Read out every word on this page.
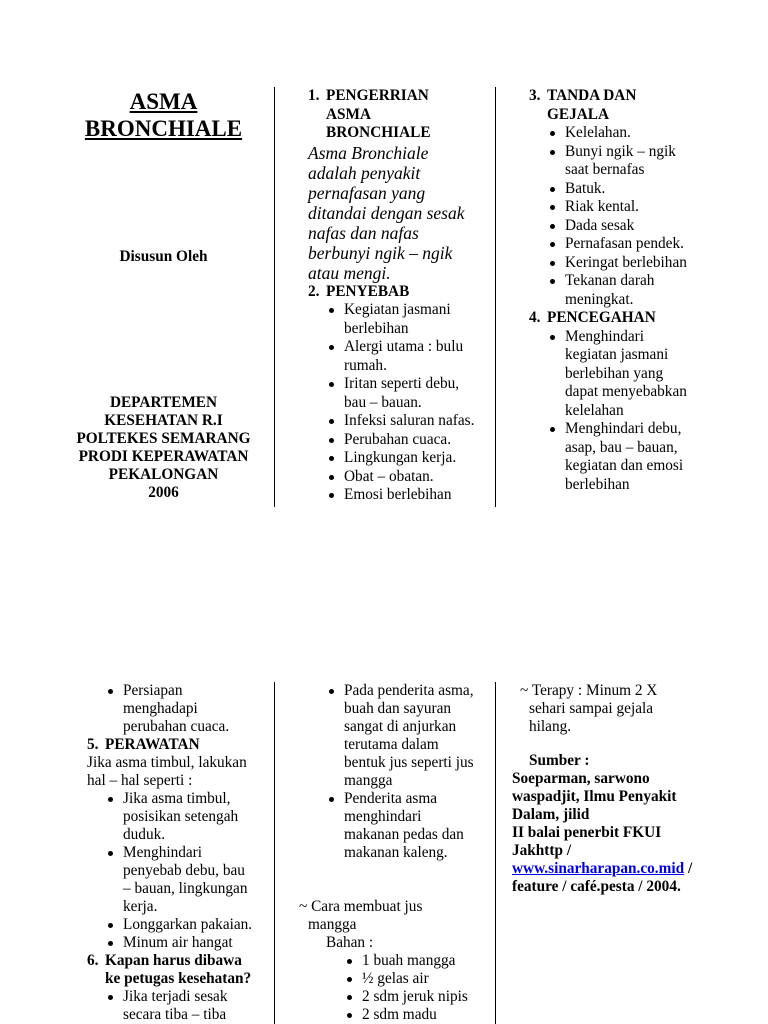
ASMA
BRONCHIALE
Disusun Oleh
DEPARTEMEN
KESEHATAN R.I
POLTEKES SEMARANG
PRODI KEPERAWATAN
PEKALONGAN
2006
1. PENGERRIAN
ASMA
BRONCHIALE
Asma Bronchiale
adalah penyakit
pernafasan yang
ditandai dengan sesak
nafas dan nafas
berbunyi ngik – ngik
atau mengi.
2. PENYEBAB
Kegiatan jasmani
berlebihan
Alergi utama : bulu
rumah.
Iritan seperti debu,
bau – bauan.
Infeksi saluran nafas.
Perubahan cuaca.
Lingkungan kerja.
Obat – obatan.
Emosi berlebihan
3. TANDA DAN
GEJALA
Kelelahan.
Bunyi ngik – ngik
saat bernafas
Batuk.
Riak kental.
Dada sesak
Pernafasan pendek.
Keringat berlebihan
Tekanan darah
meningkat.
4. PENCEGAHAN
Menghindari
kegiatan jasmani
berlebihan yang
dapat menyebabkan
kelelahan
Menghindari debu,
asap, bau – bauan,
kegiatan dan emosi
berlebihan
Persiapan
menghadapi
perubahan cuaca.
5. PERAWATAN
Jika asma timbul, lakukan
hal – hal seperti :
Jika asma timbul,
posisikan setengah
duduk.
Menghindari
penyebab debu, bau
– bauan, lingkungan
kerja.
Longgarkan pakaian.
Minum air hangat
6. Kapan harus dibawa
ke petugas kesehatan?
Jika terjadi sesak
secara tiba – tiba
Pada penderita asma,
buah dan sayuran
sangat di anjurkan
terutama dalam
bentuk jus seperti jus
mangga
Penderita asma
menghindari
makanan pedas dan
makanan kaleng.
~ Cara membuat jus
mangga
Bahan :
1 buah mangga
½ gelas air
2 sdm jeruk nipis
2 sdm madu
~ Terapy : Minum 2 X
sehari sampai gejala
hilang.
Sumber :
Soeparman, sarwono
waspadjit, Ilmu Penyakit
Dalam, jilid
II balai penerbit FKUI
Jakhttp /
www.sinarharapan.co.mid /
feature / café.pesta / 2004.
